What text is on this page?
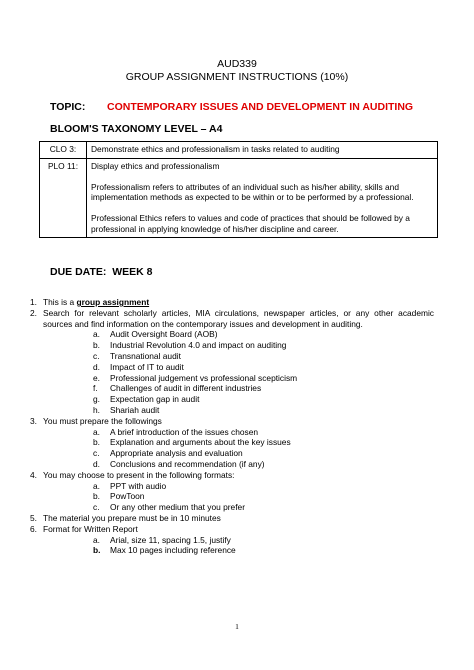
AUD339
GROUP ASSIGNMENT INSTRUCTIONS (10%)
TOPIC: CONTEMPORARY ISSUES AND DEVELOPMENT IN AUDITING
BLOOM'S TAXONOMY LEVEL – A4
CLO 3:	Demonstrate ethics and professionalism in tasks related to auditing
PLO 11:	Display ethics and professionalism

Professionalism refers to attributes of an individual such as his/her ability, skills and implementation methods as expected to be within or to be performed by a professional.

Professional Ethics refers to values and code of practices that should be followed by a professional in applying knowledge of his/her discipline and career.

DUE DATE:  WEEK 8
1. This is a group assignment
2. Search for relevant scholarly articles, MIA circulations, newspaper articles, or any other academic sources and find information on the contemporary issues and development in auditing.
a. Audit Oversight Board (AOB)
b. Industrial Revolution 4.0 and impact on auditing
c. Transnational audit
d. Impact of IT to audit
e. Professional judgement vs professional scepticism
f. Challenges of audit in different industries
g. Expectation gap in audit
h. Shariah audit
3. You must prepare the followings
a. A brief introduction of the issues chosen
b. Explanation and arguments about the key issues
c. Appropriate analysis and evaluation
d. Conclusions and recommendation (if any)
4. You may choose to present in the following formats:
a. PPT with audio
b. PowToon
c. Or any other medium that you prefer
5. The material you prepare must be in 10 minutes
6. Format for Written Report
a. Arial, size 11, spacing 1.5, justify
b. Max 10 pages including reference
1
